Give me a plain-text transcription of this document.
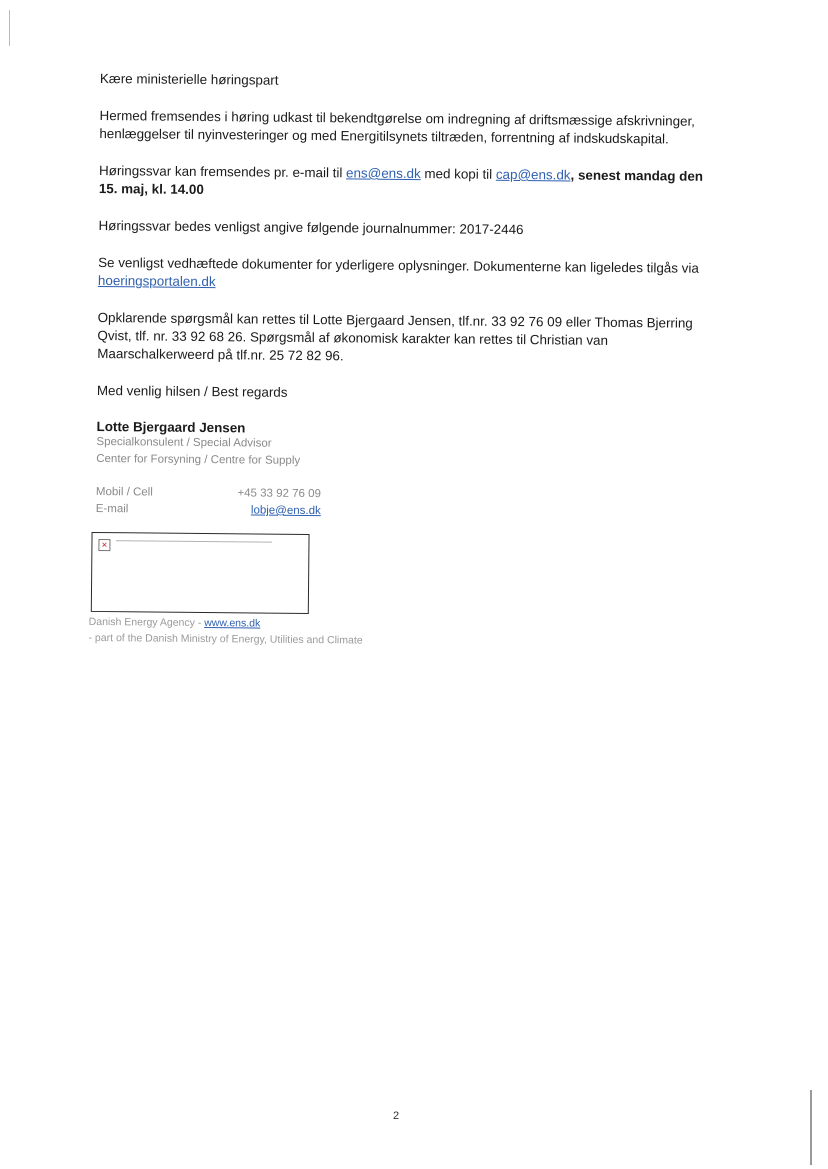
Kære ministerielle høringspart

Hermed fremsendes i høring udkast til bekendtgørelse om indregning af driftsmæssige afskrivninger, henlæggelser til nyinvesteringer og med Energitilsynets tiltræden, forrentning af indskudskapital.

Høringssvar kan fremsendes pr. e-mail til ens@ens.dk med kopi til cap@ens.dk, senest mandag den 15. maj, kl. 14.00

Høringssvar bedes venligst angive følgende journalnummer: 2017-2446

Se venligst vedhæftede dokumenter for yderligere oplysninger. Dokumenterne kan ligeledes tilgås via hoeringsportalen.dk

Opklarende spørgsmål kan rettes til Lotte Bjergaard Jensen, tlf.nr. 33 92 76 09 eller Thomas Bjerring Qvist, tlf. nr. 33 92 68 26. Spørgsmål af økonomisk karakter kan rettes til Christian van Maarschalkerweerd på tlf.nr. 25 72 82 96.

Med venlig hilsen / Best regards

Lotte Bjergaard Jensen
Specialkonsulent / Special Advisor
Center for Forsyning / Centre for Supply
Mobil / Cell	+45 33 92 76 09
E-mail	lobje@ens.dk
×
Danish Energy Agency - www.ens.dk
- part of the Danish Ministry of Energy, Utilities and Climate
2
